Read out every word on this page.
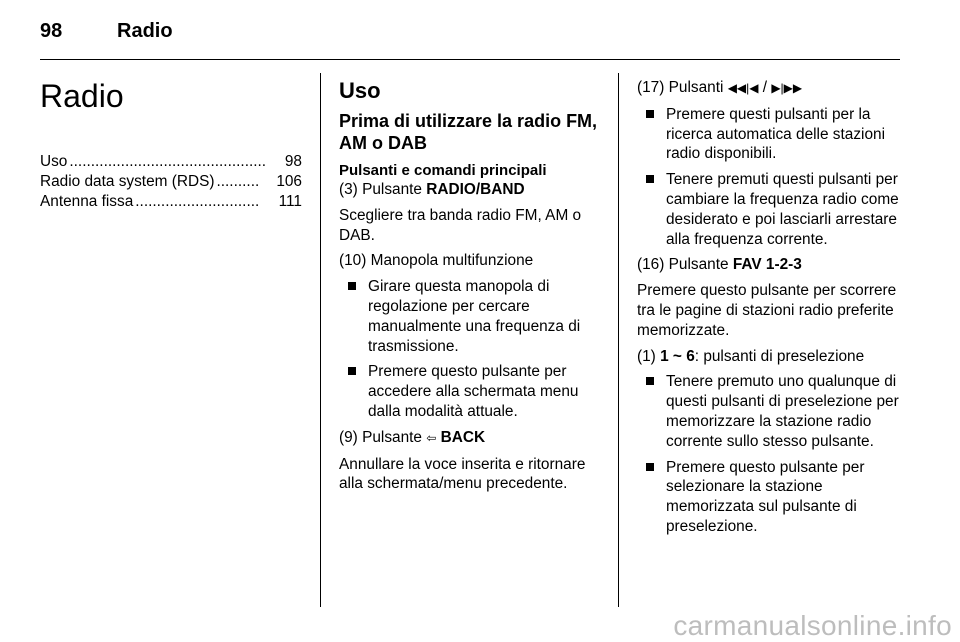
98	Radio
Radio
Uso ..............................................	98
Radio data system (RDS) ..........	106
Antenna fissa .............................	111
Uso
Prima di utilizzare la radio FM, AM o DAB
Pulsanti e comandi principali
(3) Pulsante RADIO/BAND
Scegliere tra banda radio FM, AM o DAB.
(10) Manopola multifunzione
Girare questa manopola di regolazione per cercare manualmente una frequenza di trasmissione.
Premere questo pulsante per accedere alla schermata menu dalla modalità attuale.
(9) Pulsante ⇦ BACK
Annullare la voce inserita e ritornare alla schermata/menu precedente.
(17) Pulsanti ◀◀|◀ / ▶|▶▶
Premere questi pulsanti per la ricerca automatica delle stazioni radio disponibili.
Tenere premuti questi pulsanti per cambiare la frequenza radio come desiderato e poi lasciarli arrestare alla frequenza corrente.
(16) Pulsante FAV 1-2-3
Premere questo pulsante per scorrere tra le pagine di stazioni radio preferite memorizzate.
(1) 1 ~ 6: pulsanti di preselezione
Tenere premuto uno qualunque di questi pulsanti di preselezione per memorizzare la stazione radio corrente sullo stesso pulsante.
Premere questo pulsante per selezionare la stazione memorizzata sul pulsante di preselezione.
carmanualsonline.info
